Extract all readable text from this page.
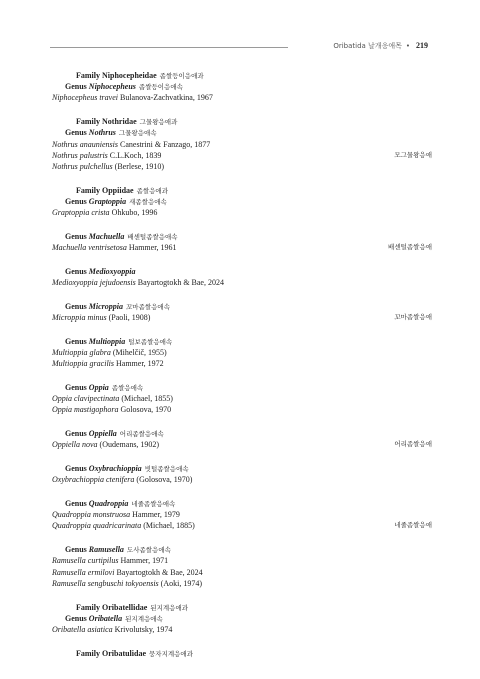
Oribatida 날개응애목 • 219
Family Niphocepheidae 좁쌀등이응애과
Genus Niphocepheus 좁쌀등이응애속
Niphocepheus travei Bulanova-Zachvatkina, 1967
Family Nothridae 그물왕응애과
Genus Nothrus 그물왕응애속
Nothrus anauniensis Canestrini & Fanzago, 1877
Nothrus palustris C.L.Koch, 1839	모그물왕응애
Nothrus pulchellus (Berlese, 1910)
Family Oppiidae 좀쌀응애과
Genus Graptoppia 새좀쌀응애속
Graptoppia crista Ohkubo, 1996
Genus Machuella 배센털좀쌀응애속
Machuella ventrisetosa Hammer, 1961	배센털좀쌀응애
Genus Medioxyoppia
Medioxyoppia jejudoensis Bayartogtokh & Bae, 2024
Genus Microppia 꼬마좀쌀응애속
Microppia minus (Paoli, 1908)	꼬마좀쌀응애
Genus Multioppia 털보좀쌀응애속
Multioppia glabra (Mihelčič, 1955)
Multioppia gracilis Hammer, 1972
Genus Oppia 좀쌀응애속
Oppia clavipectinata (Michael, 1855)
Oppia mastigophora Golosova, 1970
Genus Oppiella 어리좀쌀응애속
Oppiella nova (Oudemans, 1902)	어리좀쌀응애
Genus Oxybrachioppia 빗털좀쌀응애속
Oxybrachioppia ctenifera (Golosova, 1970)
Genus Quadroppia 네줄좀쌀응애속
Quadroppia monstruosa Hammer, 1979
Quadroppia quadricarinata (Michael, 1885)	네줄좀쌀응애
Genus Ramusella 도사좀쌀응애속
Ramusella curtipilus Hammer, 1971
Ramusella ermilovi Bayartogtokh & Bae, 2024
Ramusella sengbuschi tokyoensis (Aoki, 1974)
Family Oribatellidae 된지계응애과
Genus Oribatella 된지계응애속
Oribatella asiatica Krivolutsky, 1974
Family Oribatulidae 뭉자지계응애과
